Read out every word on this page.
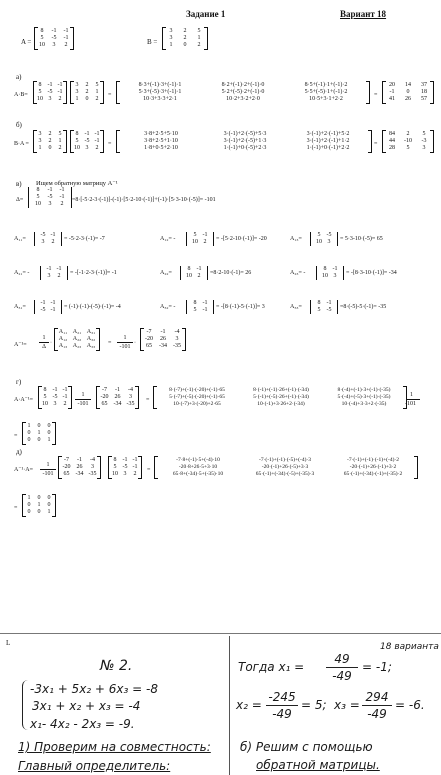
Задание 1	Вариант 18
A =
8	-1	-1
5	-5	-1
10	3	2	B =
3	2	5
3	2	1
1	0	2
а)
A·B=
8	-1 -1
5	-5 -1
10 3	2
3	2	5
3	2	1
1	0	2
=
8·3+(-1)·3+(-1)·1	8·2+(-1)·2+(-1)·0	8·5+(-1)·1+(-1)·2
5·3+(-5)·3+(-1)·1	5·2+(-5)·2+(-1)·0	5·5+(-5)·1+(-1)·2
10·3+3·3+2·1	10·2+3·2+2·0	10·5+3·1+2·2
=
20	14	37
-1	0	18
41	26	57
б)
B·A =
3	2	5
3	2	1
1	0	2
8	-1 -1
5	-5 -1
10 3	2
=
3·8+2·5+5·10	3·(-1)+2·(-5)+5·3	3·(-1)+2·(-1)+5·2
3·8+2·5+1·10	3·(-1)+2·(-5)+1·3	3·(-1)+2·(-1)+1·2
1·8+0·5+2·10	1·(-1)+0·(-5)+2·3	1·(-1)+0·(-1)+2·2
=
84	2	5
44	-10	-3
28	5	3
в) Ищем обратную матрицу A⁻¹
Δ=
8	-1	-1
5	-5	-1
10	3	2
=8·[-5·2-3·(-1)]-(-1)·[5·2-10·(-1)]+(-1)·[5·3-10·(-5)]= -101
A₁₁=
-5 -1
3	2	= -5·2-3·(-1)= -7	A₁₂= -
5	-1
10 2	= -[5·2-10·(-1)]= -20	A₁₃=
5	-5
10 3	= 5·3-10·(-5)= 65
A₂₁= -
-1 -1
3	2	= -[-1·2-3·(-1)]= -1	A₂₂=
8	-1
10 2	=8·2-10·(-1)= 26	A₂₃= -
8	-1
10 3	= -[8·3-10·(-1)]= -34
A₃₁=
-1 -1
-5 -1	= (-1)·(-1)-(-5)·(-1)= -4	A₃₂= -
8	-1
5	-1	= -[8·(-1)-5·(-1)]= 3	A₃₃=
8	-1
5	-5	=8·(-5)-5·(-1)= -35
A⁻¹=
1
Δ
·
A₁₁ A₂₁ A₃₁
A₁₂ A₂₂ A₃₂
A₁₃ A₂₃ A₃₃	=
1
-101
·
-7	-1	-4
-20	26	3
65	-34	-35
г)
A·A⁻¹=
8	-1 -1
5	-5 -1
10 3	2
1
-101
-7	-1	-4
-20	26	3
65	-34 -35
=
8·(-7)+(-1)·(-20)+(-1)·65	8·(-1)+(-1)·26+(-1)·(-34)	8·(-4)+(-1)·3+(-1)·(-35)
5·(-7)+(-5)·(-20)+(-1)·65	5·(-1)+(-5)·26+(-1)·(-34)	5·(-4)+(-5)·3+(-1)·(-35)
10·(-7)+3·(-20)+2·65	10·(-1)+3·26+2·(-34)	10·(-4)+3·3+2·(-35)
1
-101
=
1	0	0
0	1	0
0	0	1
д)
A⁻¹·A=
1
-101
-7	-1	-4
-20	26	3
65	-34 -35
8	-1 -1
5	-5 -1
10 3	2
=
-7·8+(-1)·5+(-4)·10	-7·(-1)+(-1)·(-5)+(-4)·3	-7·(-1)+(-1)·(-1)+(-4)·2
-20·8+26·5+3·10	-20·(-1)+26·(-5)+3·3	-20·(-1)+26·(-1)+3·2
65·8+(-34)·5+(-35)·10	65·(-1)+(-34)·(-5)+(-35)·3	65·(-1)+(-34)·(-1)+(-35)·2
=
1	0	0
0	1	0
0	0	1
L	18 варианта
№ 2.
-3x₁ + 5x₂ + 6x₃ = -8
3x₁ + x₂ + x₃ = -4
x₁- 4x₂ - 2x₃ = -9.
1) Проверим на совместность:
Главный определитель:
Тогда x₁ =
49
-49
= -1;
x₂ =
-245
-49
= 5; x₃ =
294
-49
= -6.
б) Решим с помощью
обратной матрицы.
